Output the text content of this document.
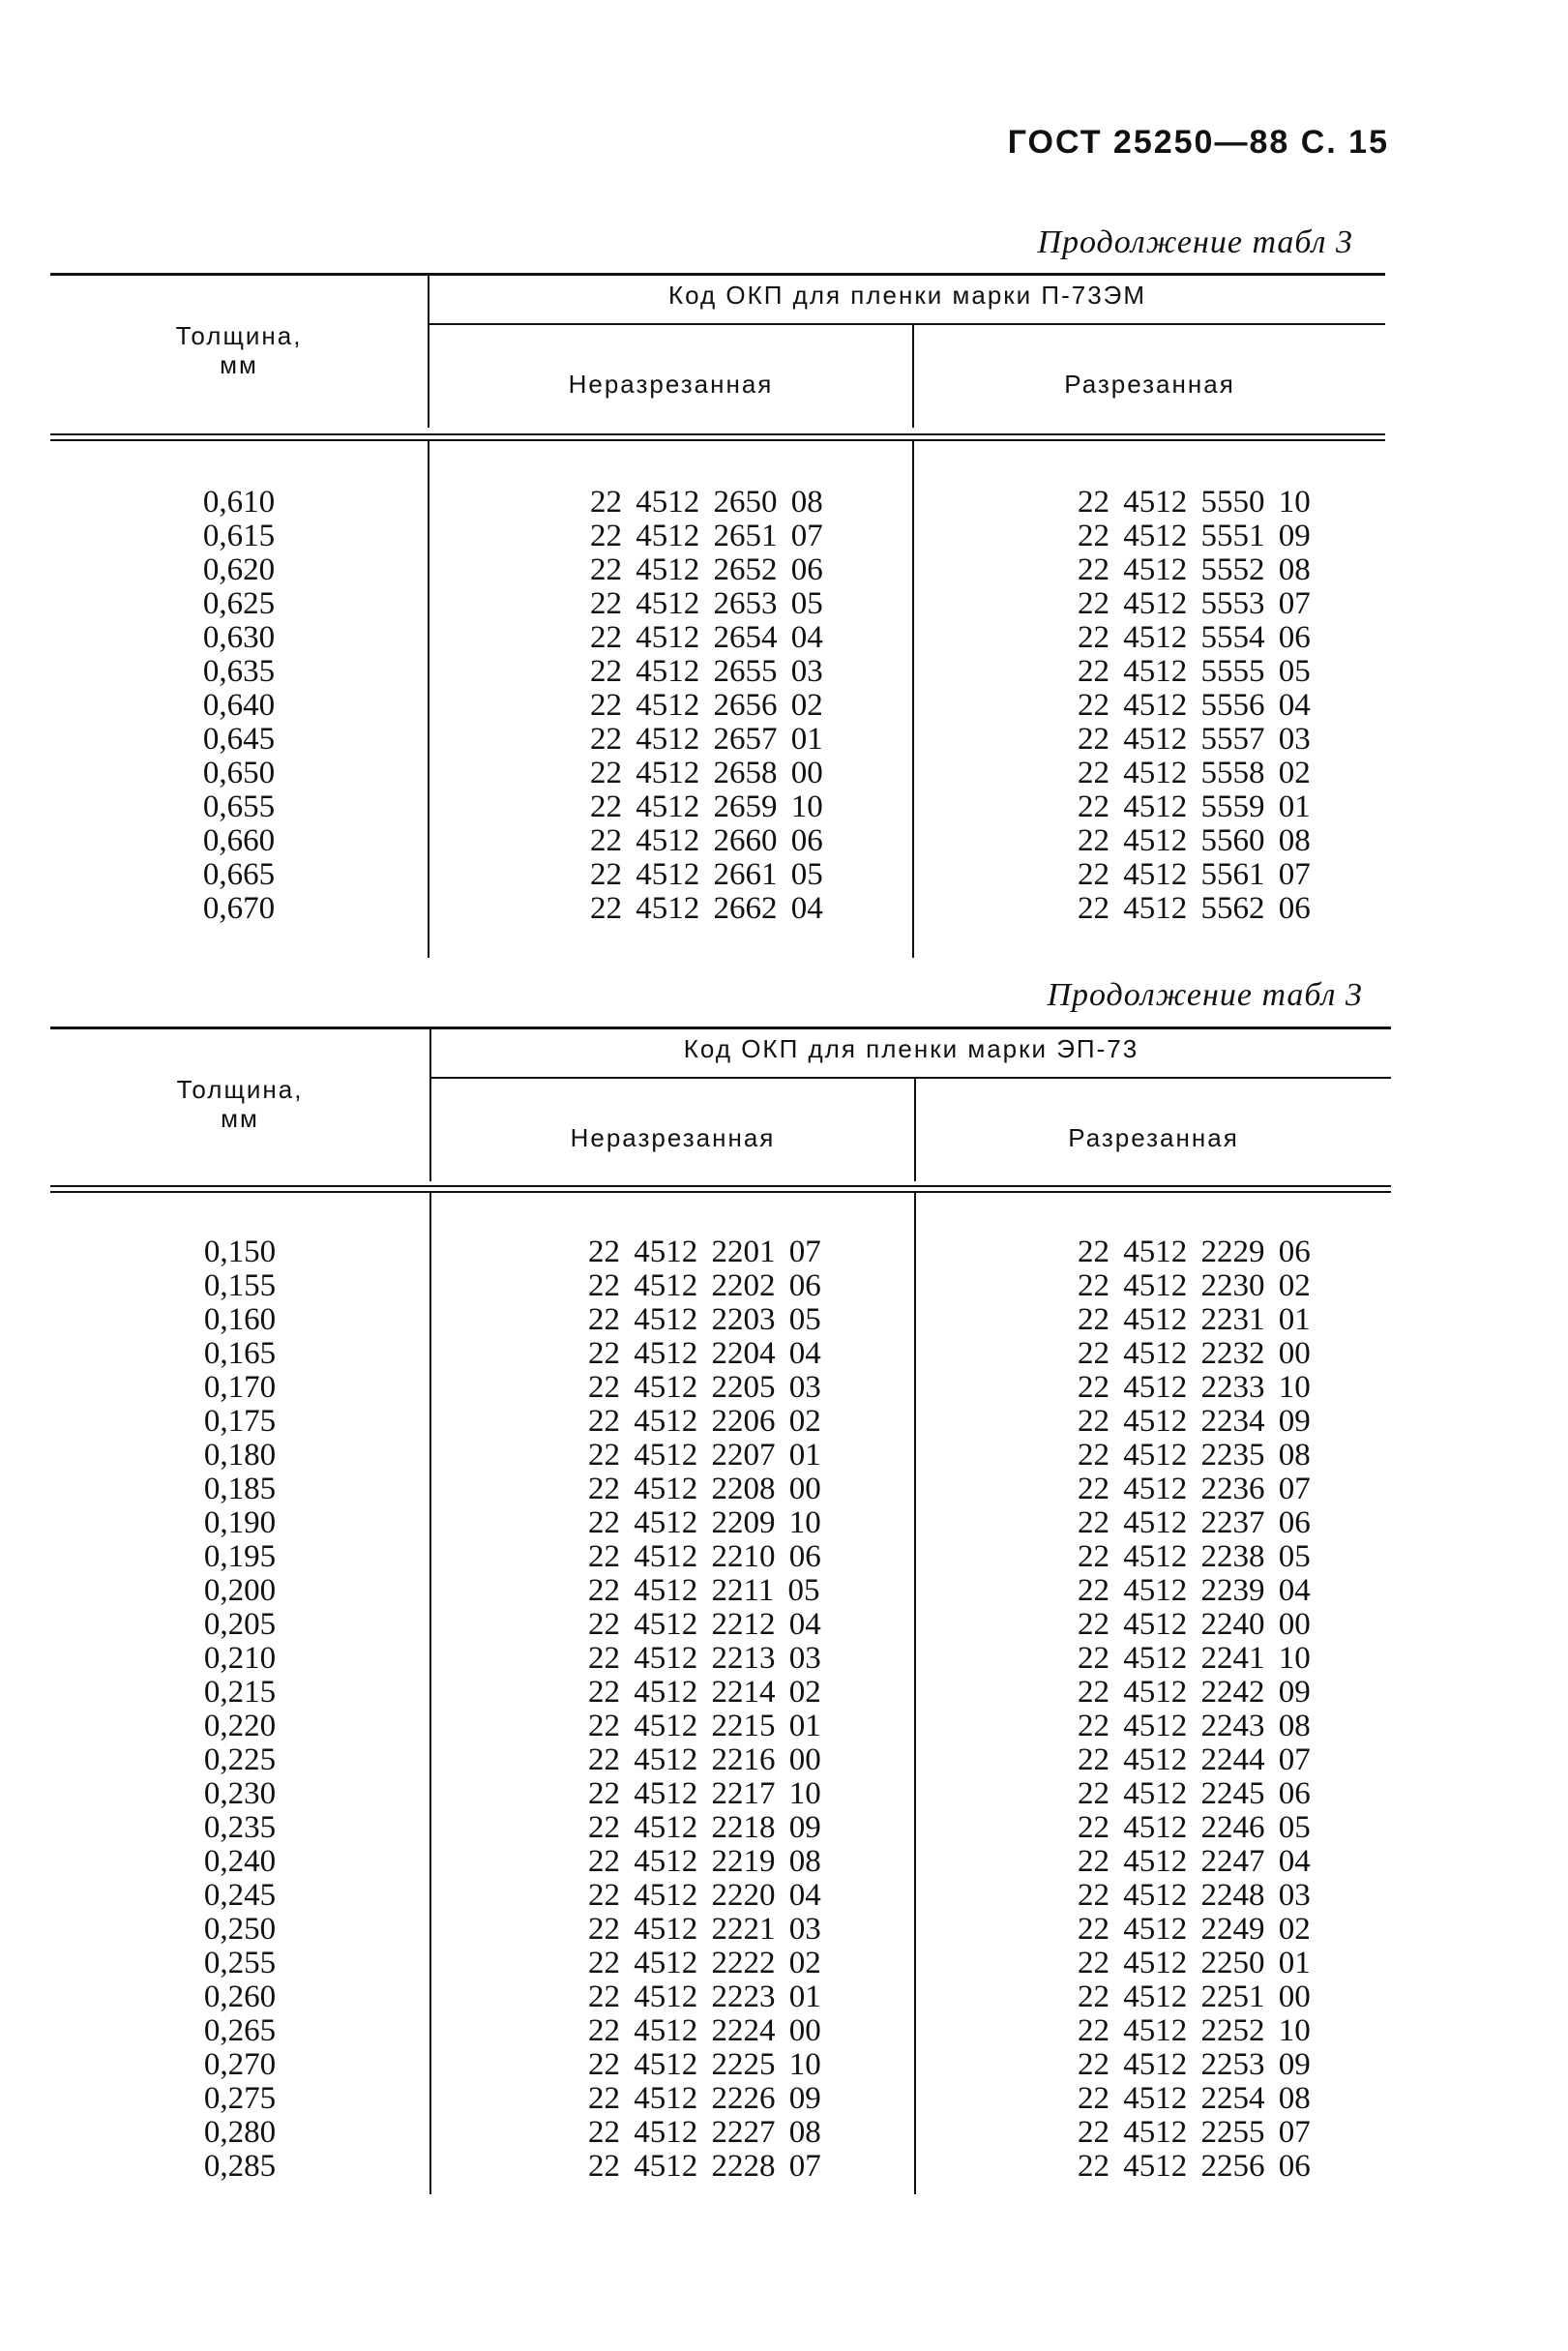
ГОСТ 25250—88 С. 15
Продолжение табл 3
Толщина,
мм
Код ОКП для пленки марки П-73ЭМ
Неразрезанная	Разрезанная
0,610	22 4512 2650 08	22 4512 5550 10
0,615	22 4512 2651 07	22 4512 5551 09
0,620	22 4512 2652 06	22 4512 5552 08
0,625	22 4512 2653 05	22 4512 5553 07
0,630	22 4512 2654 04	22 4512 5554 06
0,635	22 4512 2655 03	22 4512 5555 05
0,640	22 4512 2656 02	22 4512 5556 04
0,645	22 4512 2657 01	22 4512 5557 03
0,650	22 4512 2658 00	22 4512 5558 02
0,655	22 4512 2659 10	22 4512 5559 01
0,660	22 4512 2660 06	22 4512 5560 08
0,665	22 4512 2661 05	22 4512 5561 07
0,670	22 4512 2662 04	22 4512 5562 06
Продолжение табл 3
Толщина,
мм
Код ОКП для пленки марки ЭП-73
Неразрезанная	Разрезанная
0,150	22 4512 2201 07	22 4512 2229 06
0,155	22 4512 2202 06	22 4512 2230 02
0,160	22 4512 2203 05	22 4512 2231 01
0,165	22 4512 2204 04	22 4512 2232 00
0,170	22 4512 2205 03	22 4512 2233 10
0,175	22 4512 2206 02	22 4512 2234 09
0,180	22 4512 2207 01	22 4512 2235 08
0,185	22 4512 2208 00	22 4512 2236 07
0,190	22 4512 2209 10	22 4512 2237 06
0,195	22 4512 2210 06	22 4512 2238 05
0,200	22 4512 2211 05	22 4512 2239 04
0,205	22 4512 2212 04	22 4512 2240 00
0,210	22 4512 2213 03	22 4512 2241 10
0,215	22 4512 2214 02	22 4512 2242 09
0,220	22 4512 2215 01	22 4512 2243 08
0,225	22 4512 2216 00	22 4512 2244 07
0,230	22 4512 2217 10	22 4512 2245 06
0,235	22 4512 2218 09	22 4512 2246 05
0,240	22 4512 2219 08	22 4512 2247 04
0,245	22 4512 2220 04	22 4512 2248 03
0,250	22 4512 2221 03	22 4512 2249 02
0,255	22 4512 2222 02	22 4512 2250 01
0,260	22 4512 2223 01	22 4512 2251 00
0,265	22 4512 2224 00	22 4512 2252 10
0,270	22 4512 2225 10	22 4512 2253 09
0,275	22 4512 2226 09	22 4512 2254 08
0,280	22 4512 2227 08	22 4512 2255 07
0,285	22 4512 2228 07	22 4512 2256 06
